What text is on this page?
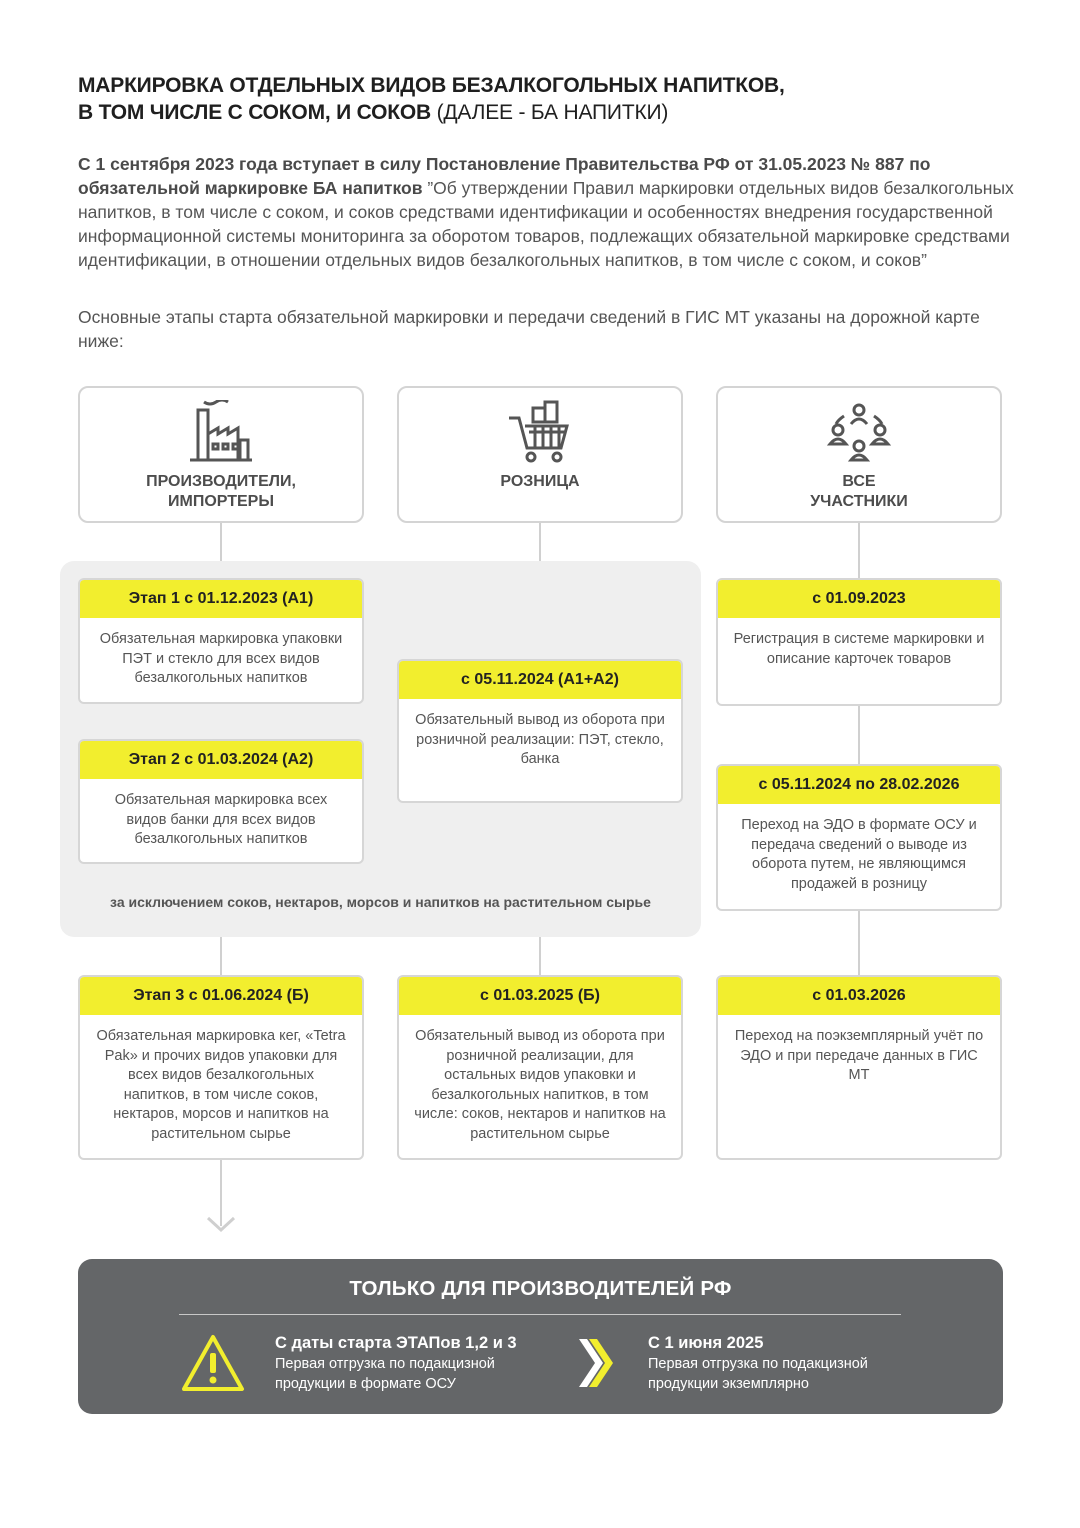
МАРКИРОВКА ОТДЕЛЬНЫХ ВИДОВ БЕЗАЛКОГОЛЬНЫХ НАПИТКОВ,
В ТОМ ЧИСЛЕ С СОКОМ, И СОКОВ (ДАЛЕЕ - БА НАПИТКИ)
С 1 сентября 2023 года вступает в силу Постановление Правительства РФ от 31.05.2023 № 887 по обязательной маркировке БА напитков ”Об утверждении Правил маркировки отдельных видов безалкогольных напитков, в том числе с соком, и соков средствами идентификации и особенностях внедрения государственной информационной системы мониторинга за оборотом товаров, подлежащих обязательной маркировке средствами идентификации, в отношении отдельных видов безалкогольных напитков, в том числе с соком, и соков”
Основные этапы старта обязательной маркировки и передачи сведений в ГИС МТ указаны на дорожной карте ниже:
ПРОИЗВОДИТЕЛИ,
ИМПОРТЕРЫ
РОЗНИЦА	ВСЕ
УЧАСТНИКИ
Этап 1 с 01.12.2023 (А1)
Обязательная маркировка упаковки ПЭТ и стекло для всех видов безалкогольных напитков
Этап 2 с 01.03.2024 (А2)
Обязательная маркировка всех видов банки для всех видов безалкогольных напитков
с 05.11.2024 (А1+А2)
Обязательный вывод из оборота при розничной реализации: ПЭТ, стекло, банка
с 01.09.2023
Регистрация в системе маркировки и описание карточек товаров
с 05.11.2024 по 28.02.2026
Переход на ЭДО в формате ОСУ и передача сведений о выводе из оборота путем, не являющимся продажей в розницу
за исключением соков, нектаров, морсов и напитков на растительном сырье
Этап 3 с 01.06.2024 (Б)
Обязательная маркировка кег, «Tetra Pak» и прочих видов упаковки для всех видов безалкогольных напитков, в том числе соков, нектаров, морсов и напитков на растительном сырье
с 01.03.2025 (Б)
Обязательный вывод из оборота при розничной реализации, для остальных видов упаковки и безалкогольных напитков, в том числе: соков, нектаров и напитков на растительном сырье
с 01.03.2026
Переход на поэкземплярный учёт по ЭДО и при передаче данных в ГИС МТ
ТОЛЬКО ДЛЯ ПРОИЗВОДИТЕЛЕЙ РФ
С даты старта ЭТАПов 1,2 и 3
Первая отгрузка по подакцизной продукции в формате ОСУ
С 1 июня 2025
Первая отгрузка по подакцизной продукции экземплярно
